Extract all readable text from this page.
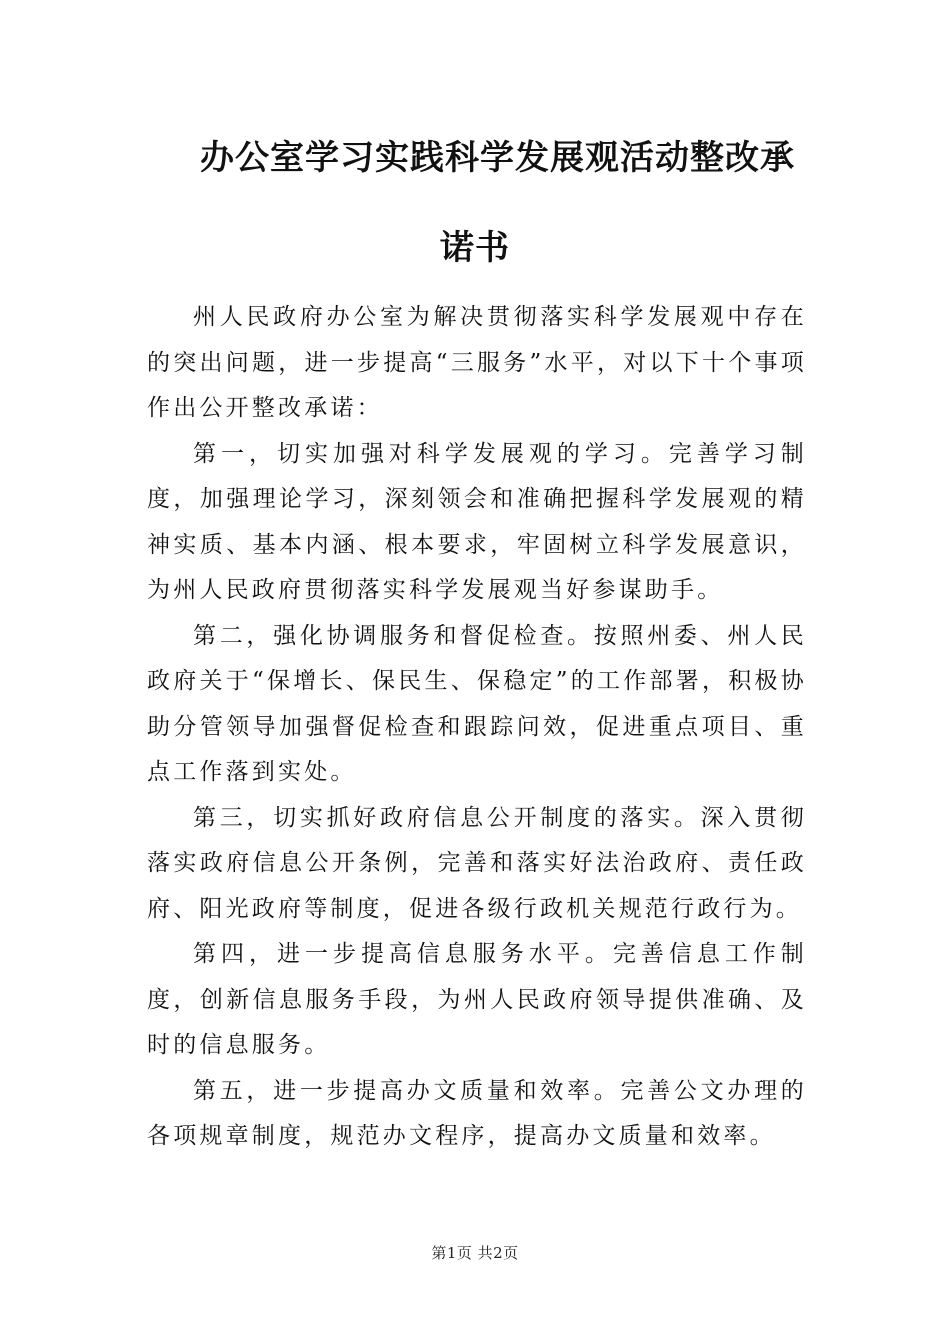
办公室学习实践科学发展观活动整改承
诺书

州人民政府办公室为解决贯彻落实科学发展观中存在的突出问题，进一步提高“三服务”水平，对以下十个事项作出公开整改承诺：

第一，切实加强对科学发展观的学习。完善学习制度，加强理论学习，深刻领会和准确把握科学发展观的精神实质、基本内涵、根本要求，牢固树立科学发展意识，为州人民政府贯彻落实科学发展观当好参谋助手。

第二，强化协调服务和督促检查。按照州委、州人民政府关于“保增长、保民生、保稳定”的工作部署，积极协助分管领导加强督促检查和跟踪问效，促进重点项目、重点工作落到实处。

第三，切实抓好政府信息公开制度的落实。深入贯彻落实政府信息公开条例，完善和落实好法治政府、责任政府、阳光政府等制度，促进各级行政机关规范行政行为。

第四，进一步提高信息服务水平。完善信息工作制度，创新信息服务手段，为州人民政府领导提供准确、及时的信息服务。

第五，进一步提高办文质量和效率。完善公文办理的各项规章制度，规范办文程序，提高办文质量和效率。

第1页 共2页
